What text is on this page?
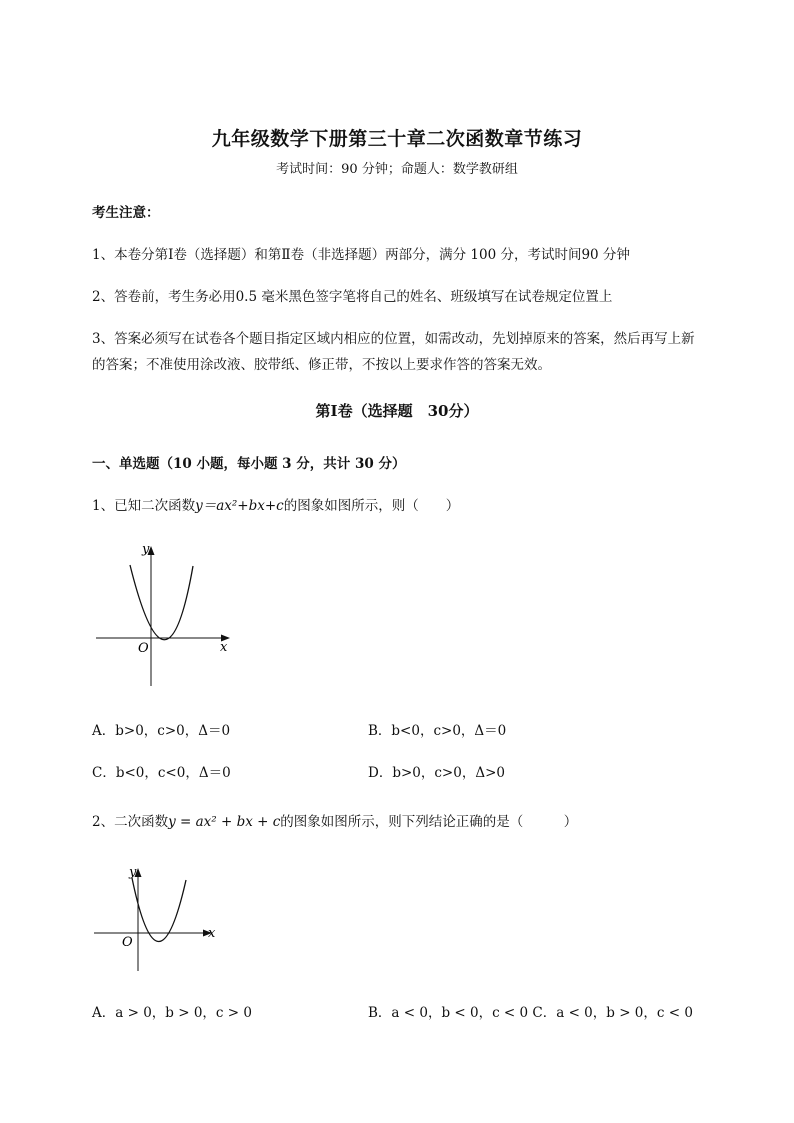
九年级数学下册第三十章二次函数章节练习
考试时间：90 分钟；命题人：数学教研组
考生注意：
1、本卷分第Ⅰ卷（选择题）和第Ⅱ卷（非选择题）两部分，满分 100 分，考试时间90 分钟
2、答卷前，考生务必用0.5 毫米黑色签字笔将自己的姓名、班级填写在试卷规定位置上
3、答案必须写在试卷各个题目指定区域内相应的位置，如需改动，先划掉原来的答案，然后再写上新
的答案；不准使用涂改液、胶带纸、修正带，不按以上要求作答的答案无效。
第Ⅰ卷（选择题　30分）
一、单选题（10 小题，每小题 3 分，共计 30 分）
1、已知二次函数y＝ax²+bx+c的图象如图所示，则（　　）
y
x
O
A．b>0，c>0，Δ＝0	B．b<0，c>0，Δ＝0
C．b<0，c<0，Δ＝0	D．b>0，c>0，Δ>0
2、二次函数y = ax² + bx + c的图象如图所示，则下列结论正确的是（　　　）
y
x
O
A．a > 0，b > 0，c > 0	B．a < 0，b < 0，c < 0 C．a < 0，b > 0，c < 0
